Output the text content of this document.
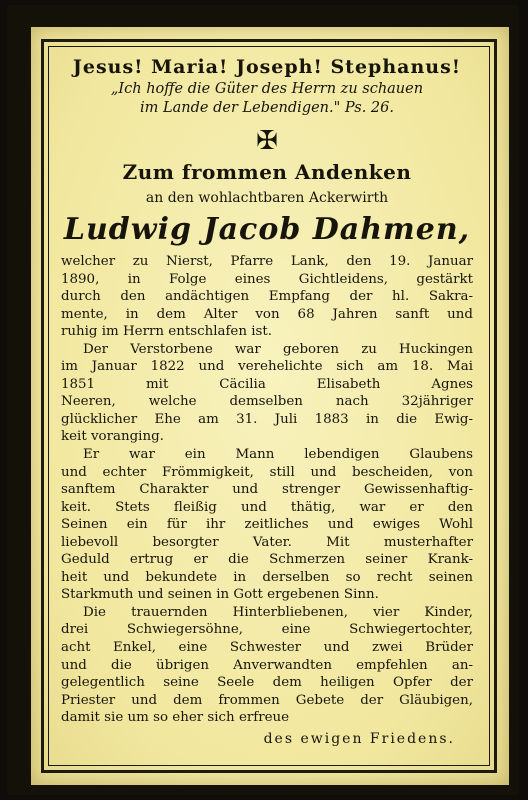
Jesus! Maria! Joseph! Stephanus!
„Ich hoffe die Güter des Herrn zu schauen
im Lande der Lebendigen." Ps. 26.
✠
Zum frommen Andenken
an den wohlachtbaren Ackerwirth
Ludwig Jacob Dahmen,
welcher zu Nierst, Pfarre Lank, den 19. Januar
1890, in Folge eines Gichtleidens, gestärkt
durch den andächtigen Empfang der hl. Sakra-
mente, in dem Alter von 68 Jahren sanft und
ruhig im Herrn entschlafen ist.
Der Verstorbene war geboren zu Huckingen
im Januar 1822 und verehelichte sich am 18. Mai
1851 mit Cäcilia Elisabeth Agnes
Neeren, welche demselben nach 32jähriger
glücklicher Ehe am 31. Juli 1883 in die Ewig-
keit voranging.
Er war ein Mann lebendigen Glaubens
und echter Frömmigkeit, still und bescheiden, von
sanftem Charakter und strenger Gewissenhaftig-
keit. Stets fleißig und thätig, war er den
Seinen ein für ihr zeitliches und ewiges Wohl
liebevoll besorgter Vater. Mit musterhafter
Geduld ertrug er die Schmerzen seiner Krank-
heit und bekundete in derselben so recht seinen
Starkmuth und seinen in Gott ergebenen Sinn.
Die trauernden Hinterbliebenen, vier Kinder,
drei Schwiegersöhne, eine Schwiegertochter,
acht Enkel, eine Schwester und zwei Brüder
und die übrigen Anverwandten empfehlen an-
gelegentlich seine Seele dem heiligen Opfer der
Priester und dem frommen Gebete der Gläubigen,
damit sie um so eher sich erfreue
des ewigen Friedens.
